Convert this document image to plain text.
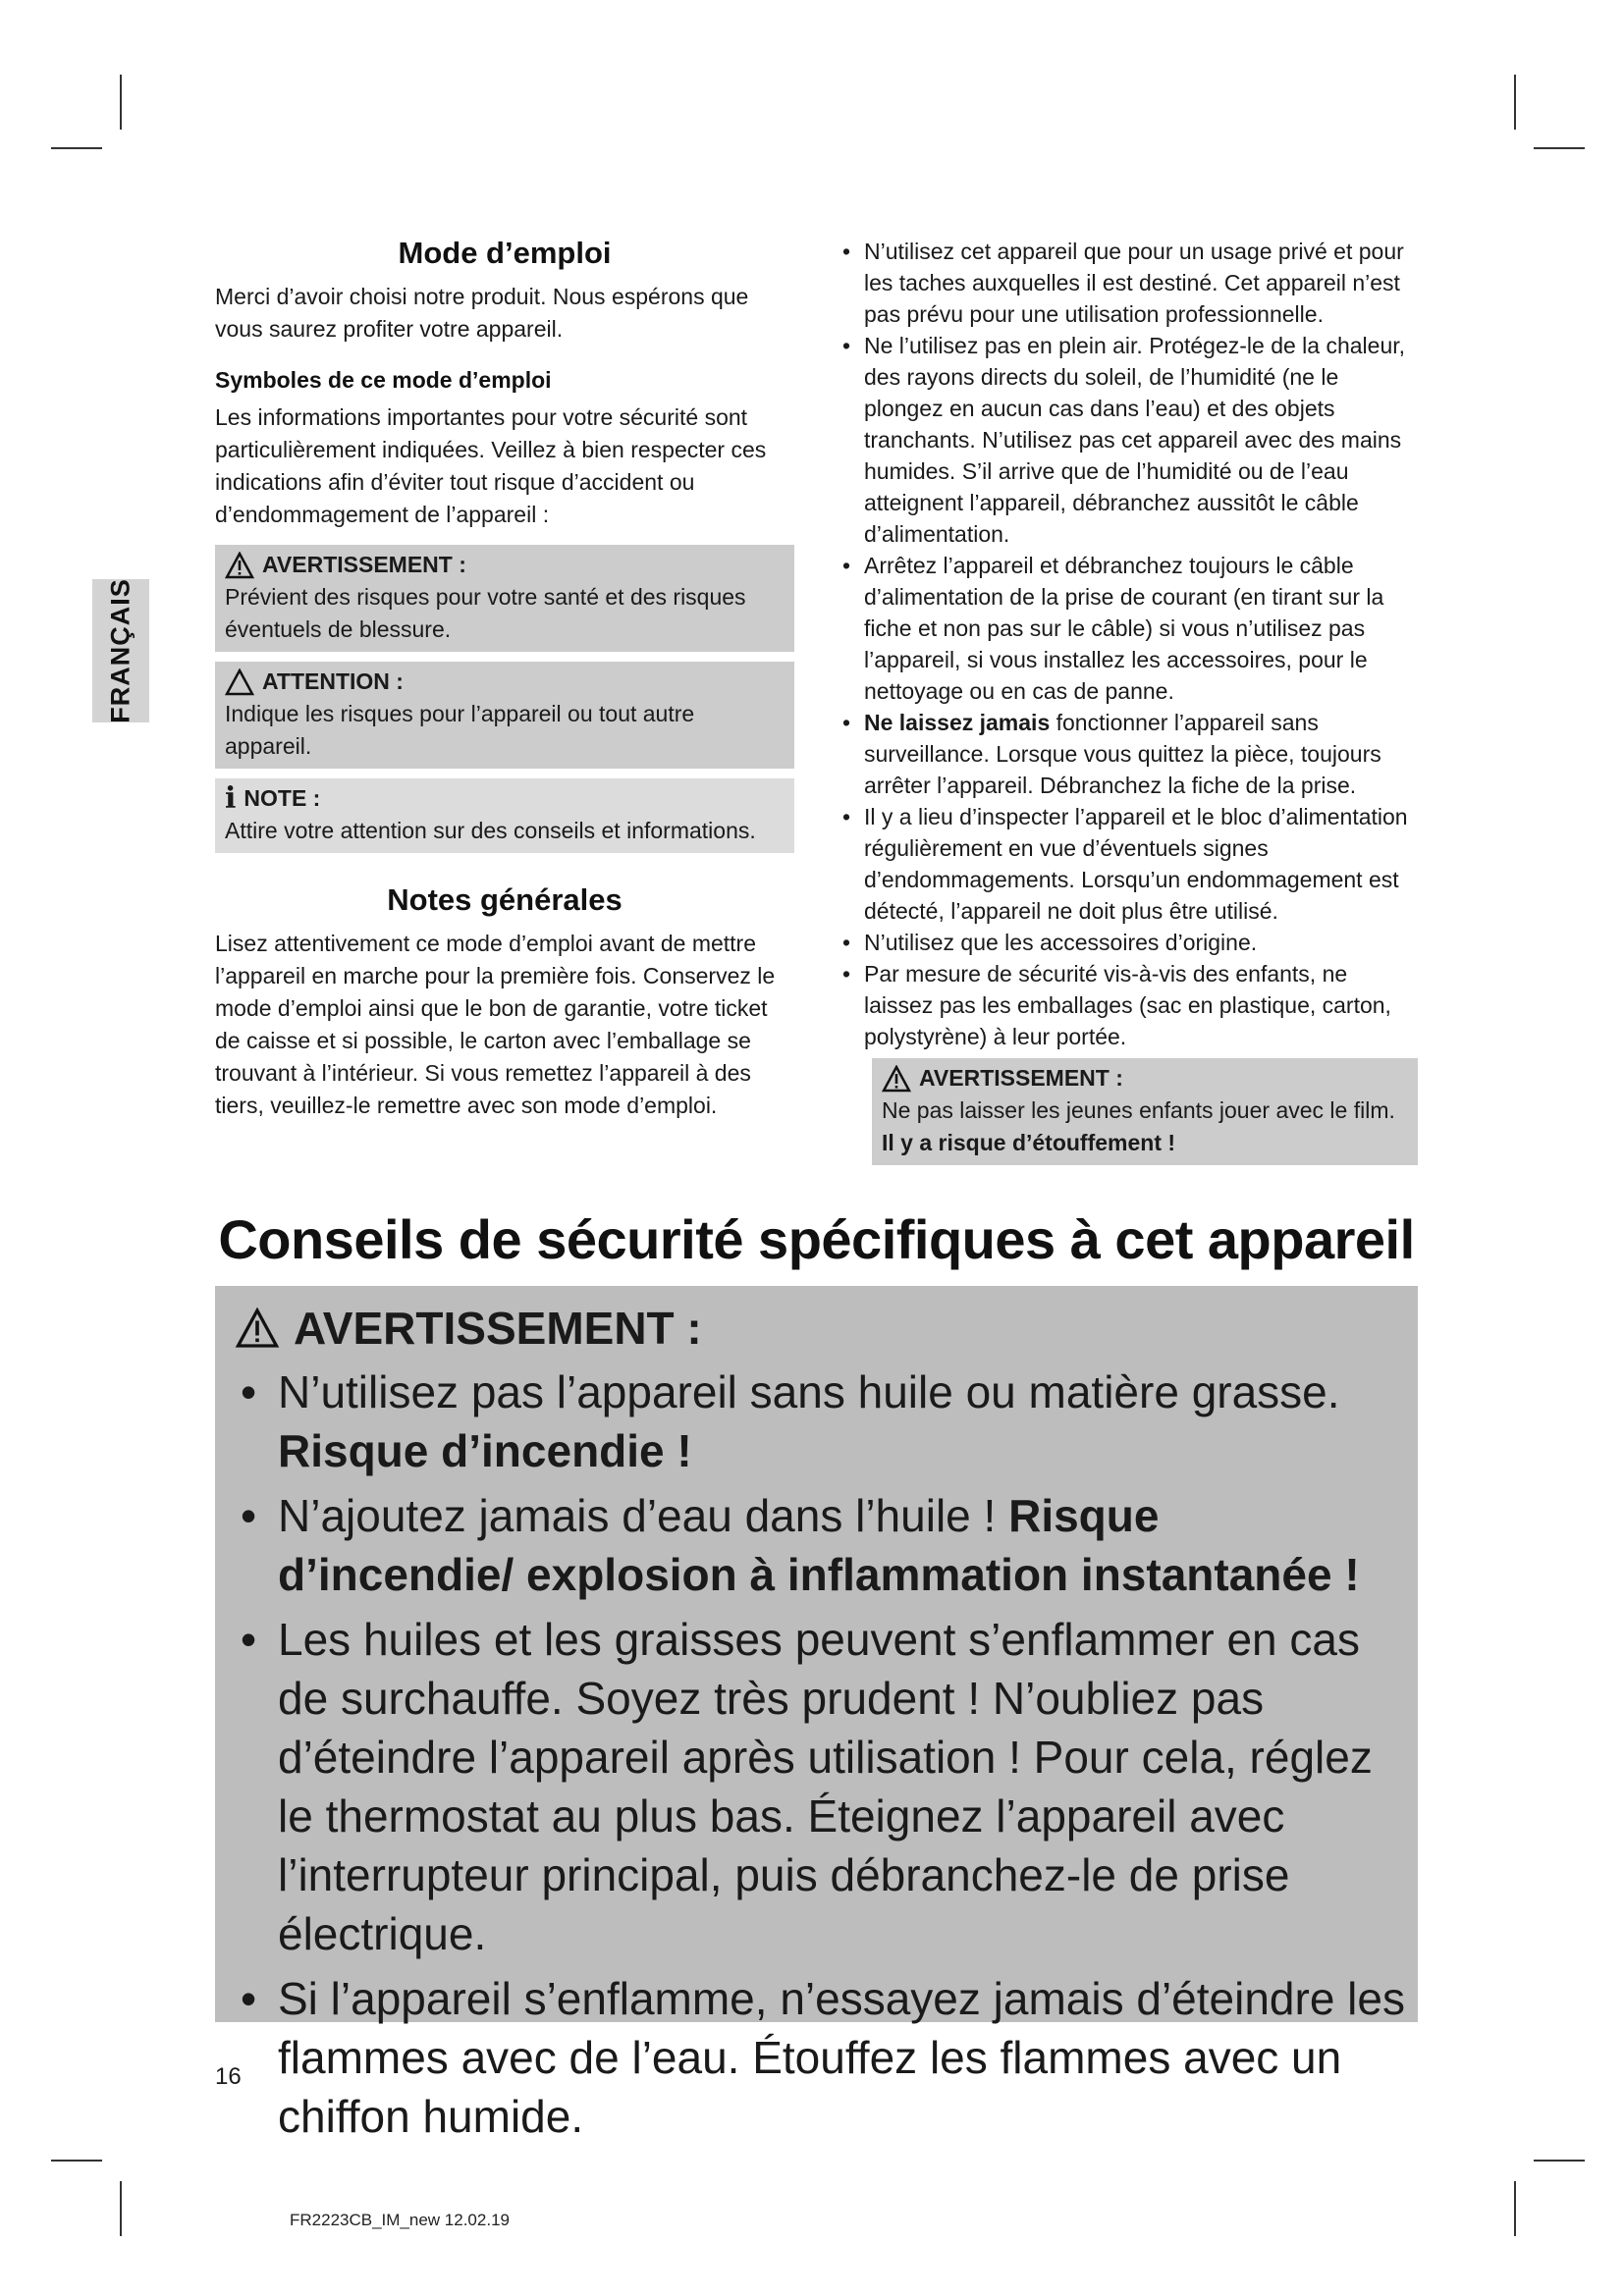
FRANÇAIS
Mode d’emploi

Merci d’avoir choisi notre produit. Nous espérons que vous saurez profiter votre appareil.

Symboles de ce mode d’emploi

Les informations importantes pour votre sécurité sont particulièrement indiquées. Veillez à bien respecter ces indications afin d’éviter tout risque d’accident ou d’endommagement de l’appareil :

AVERTISSEMENT :
Prévient des risques pour votre santé et des risques éventuels de blessure.
ATTENTION :
Indique les risques pour l’appareil ou tout autre appareil.
i NOTE :
Attire votre attention sur des conseils et informations.
Notes générales

Lisez attentivement ce mode d’emploi avant de mettre l’appareil en marche pour la première fois. Conservez le mode d’emploi ainsi que le bon de garantie, votre ticket de caisse et si possible, le carton avec l’emballage se trouvant à l’intérieur. Si vous remettez l’appareil à des tiers, veuillez-le remettre avec son mode d’emploi.

• N’utilisez cet appareil que pour un usage privé et pour les taches auxquelles il est destiné. Cet appareil n’est pas prévu pour une utilisation professionnelle.
• Ne l’utilisez pas en plein air. Protégez-le de la chaleur, des rayons directs du soleil, de l’humidité (ne le plongez en aucun cas dans l’eau) et des objets tranchants. N’utilisez pas cet appareil avec des mains humides. S’il arrive que de l’humidité ou de l’eau atteignent l’appareil, débranchez aussitôt le câble d’alimentation.
• Arrêtez l’appareil et débranchez toujours le câble d’alimentation de la prise de courant (en tirant sur la fiche et non pas sur le câble) si vous n’utilisez pas l’appareil, si vous installez les accessoires, pour le nettoyage ou en cas de panne.
• Ne laissez jamais fonctionner l’appareil sans surveillance. Lorsque vous quittez la pièce, toujours arrêter l’appareil. Débranchez la fiche de la prise.
• Il y a lieu d’inspecter l’appareil et le bloc d’alimentation régulièrement en vue d’éventuels signes d’endommagements. Lorsqu’un endommagement est détecté, l’appareil ne doit plus être utilisé.
• N’utilisez que les accessoires d’origine.
• Par mesure de sécurité vis-à-vis des enfants, ne laissez pas les emballages (sac en plastique, carton, polystyrène) à leur portée.
AVERTISSEMENT :
Ne pas laisser les jeunes enfants jouer avec le film.
Il y a risque d’étouffement !
Conseils de sécurité spécifiques à cet appareil
AVERTISSEMENT :
• N’utilisez pas l’appareil sans huile ou matière grasse. Risque d’incendie !
• N’ajoutez jamais d’eau dans l’huile ! Risque d’incendie/ explosion à inflammation instantanée !
• Les huiles et les graisses peuvent s’enflammer en cas de surchauffe. Soyez très prudent ! N’oubliez pas d’éteindre l’appareil après utilisation ! Pour cela, réglez le thermostat au plus bas. Éteignez l’appareil avec l’interrupteur principal, puis débranchez-le de prise électrique.
• Si l’appareil s’enflamme, n’essayez jamais d’éteindre les flammes avec de l’eau. Étouffez les flammes avec un chiffon humide.
16
FR2223CB_IM_new 12.02.19
